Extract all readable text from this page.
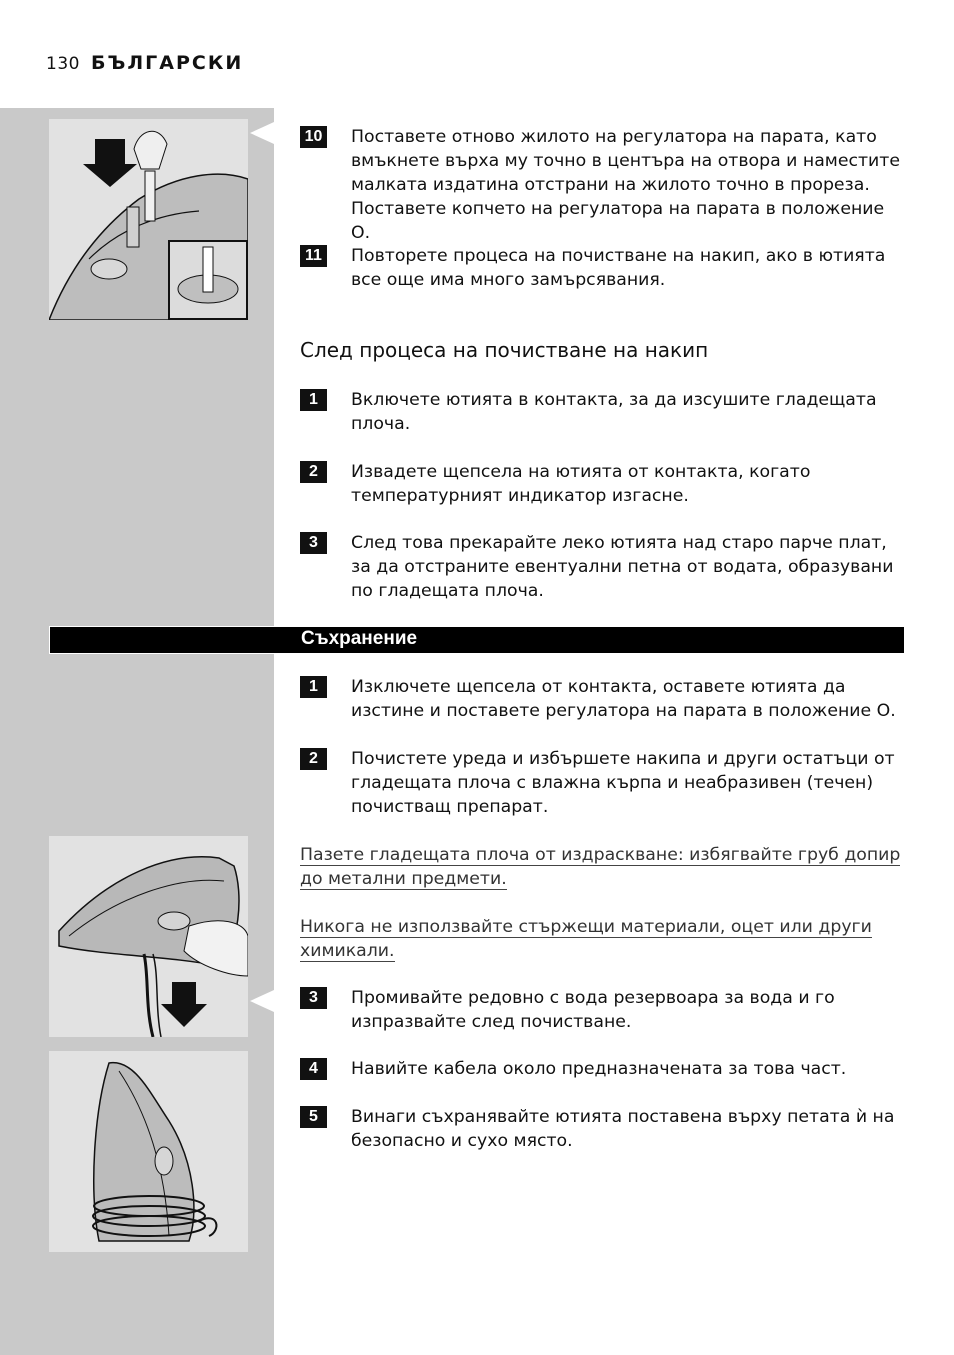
130 БЪЛГАРСКИ
10 Поставете отново жилото на регулатора на парата, като вмъкнете върха му точно в центъра на отвора и наместите малката издатина отстрани на жилото точно в прореза. Поставете копчето на регулатора на парата в положение О.
11 Повторете процеса на почистване на накип, ако в ютията все още има много замърсявания.
След процеса на почистване на накип
1	Включете ютията в контакта, за да изсушите гладещата плоча.
2	Извадете щепсела на ютията от контакта, когато температурният индикатор изгасне.
3	След това прекарайте леко ютията над старо парче плат, за да отстраните евентуални петна от водата, образувани по гладещата плоча.
Съхранение
1	Изключете щепсела от контакта, оставете ютията да изстине и поставете регулатора на парата в положение О.
2	Почистете уреда и избършете накипа и други остатъци от гладещата плоча с влажна кърпа и неабразивен (течен) почистващ препарат.
Пазете гладещата плоча от издраскване: избягвайте груб допир до метални предмети.
Никога не използвайте стържещи материали, оцет или други химикали.
3	Промивайте редовно с вода резервоара за вода и го изпразвайте след почистване.
4	Навийте кабела около предназначената за това част.
5	Винаги съхранявайте ютията поставена върху петата ѝ на безопасно и сухо място.
